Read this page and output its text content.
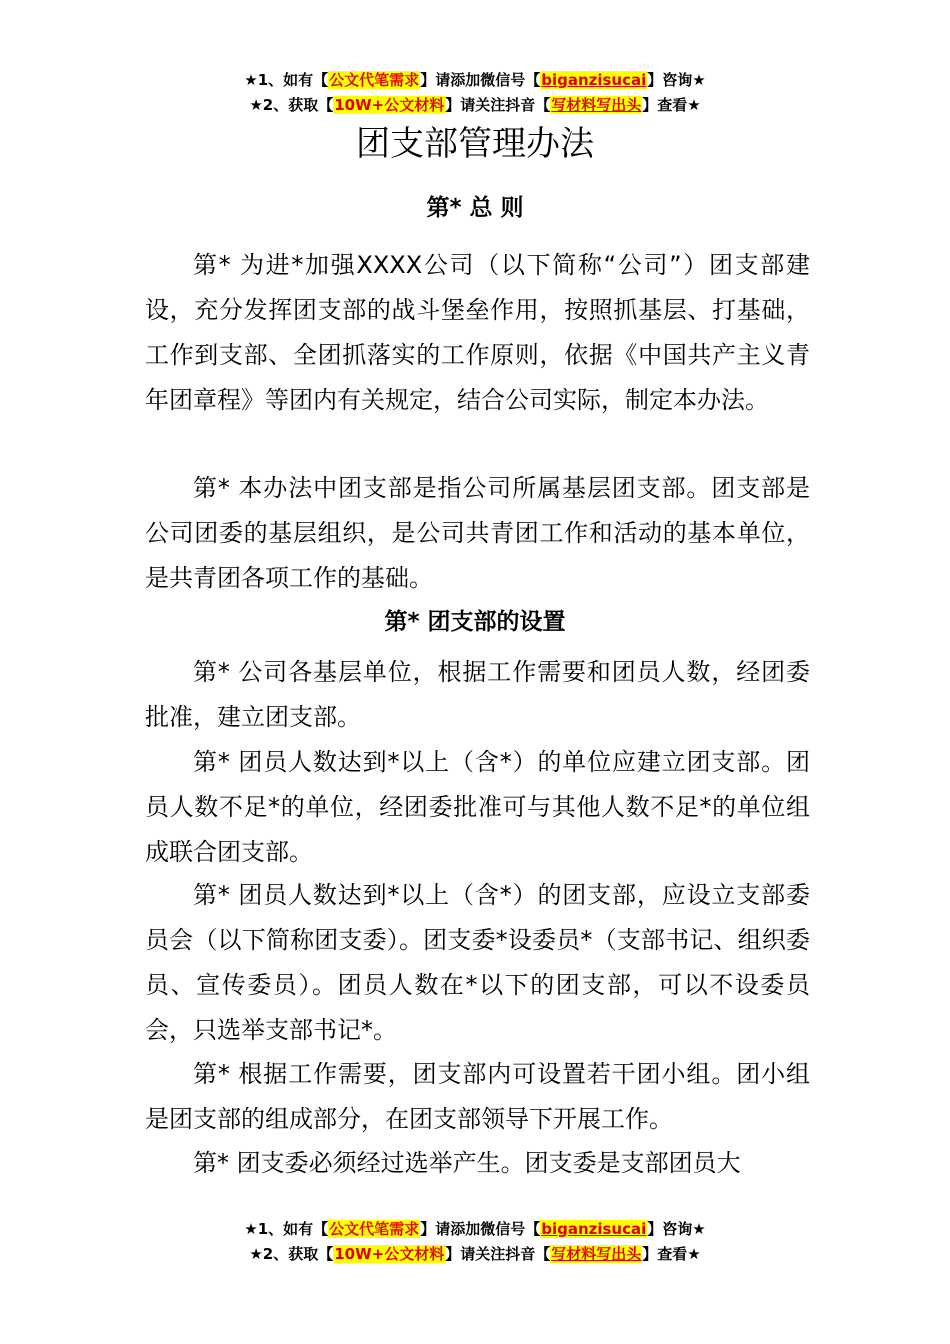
★1、如有【公文代笔需求】请添加微信号【biganzisucai】咨询★
★2、获取【10W+公文材料】请关注抖音【写材料写出头】查看★
团支部管理办法
第* 总 则

第* 为进*加强XXXX公司（以下简称“公司”）团支部建设，充分发挥团支部的战斗堡垒作用，按照抓基层、打基础，工作到支部、全团抓落实的工作原则，依据《中国共产主义青年团章程》等团内有关规定，结合公司实际，制定本办法。

第* 本办法中团支部是指公司所属基层团支部。团支部是公司团委的基层组织，是公司共青团工作和活动的基本单位，是共青团各项工作的基础。

第* 团支部的设置

第* 公司各基层单位，根据工作需要和团员人数，经团委批准，建立团支部。

第* 团员人数达到*以上（含*）的单位应建立团支部。团员人数不足*的单位，经团委批准可与其他人数不足*的单位组成联合团支部。

第* 团员人数达到*以上（含*）的团支部，应设立支部委员会（以下简称团支委）。团支委*设委员*（支部书记、组织委员、宣传委员）。团员人数在*以下的团支部，可以不设委员会，只选举支部书记*。

第* 根据工作需要，团支部内可设置若干团小组。团小组是团支部的组成部分，在团支部领导下开展工作。

第* 团支委必须经过选举产生。团支委是支部团员大

★1、如有【公文代笔需求】请添加微信号【biganzisucai】咨询★
★2、获取【10W+公文材料】请关注抖音【写材料写出头】查看★
